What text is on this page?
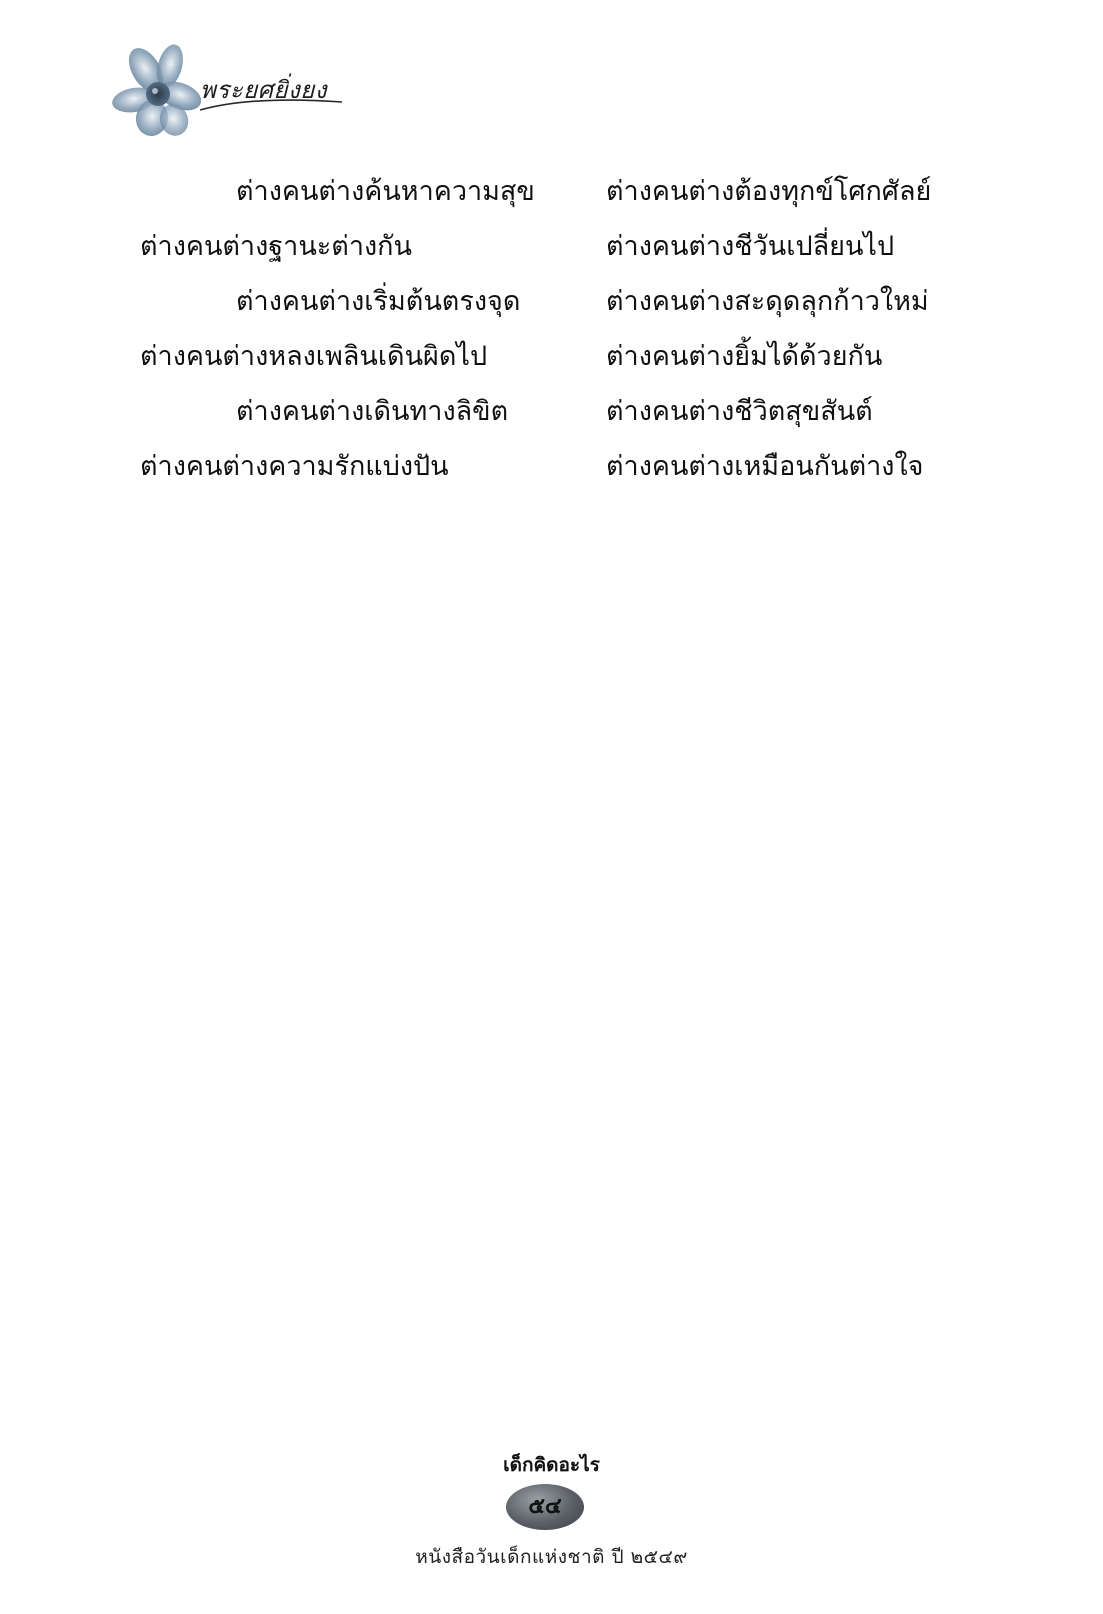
พระยศยิ่งยง
ต่างคนต่างค้นหาความสุข	ต่างคนต่างต้องทุกข์โศกศัลย์
ต่างคนต่างฐานะต่างกัน	ต่างคนต่างชีวันเปลี่ยนไป
ต่างคนต่างเริ่มต้นตรงจุด	ต่างคนต่างสะดุดลุกก้าวใหม่
ต่างคนต่างหลงเพลินเดินผิดไป	ต่างคนต่างยิ้มได้ด้วยกัน
ต่างคนต่างเดินทางลิขิต	ต่างคนต่างชีวิตสุขสันต์
ต่างคนต่างความรักแบ่งปัน	ต่างคนต่างเหมือนกันต่างใจ
เด็กคิดอะไร
๕๔
หนังสือวันเด็กแห่งชาติ ปี ๒๕๔๙
